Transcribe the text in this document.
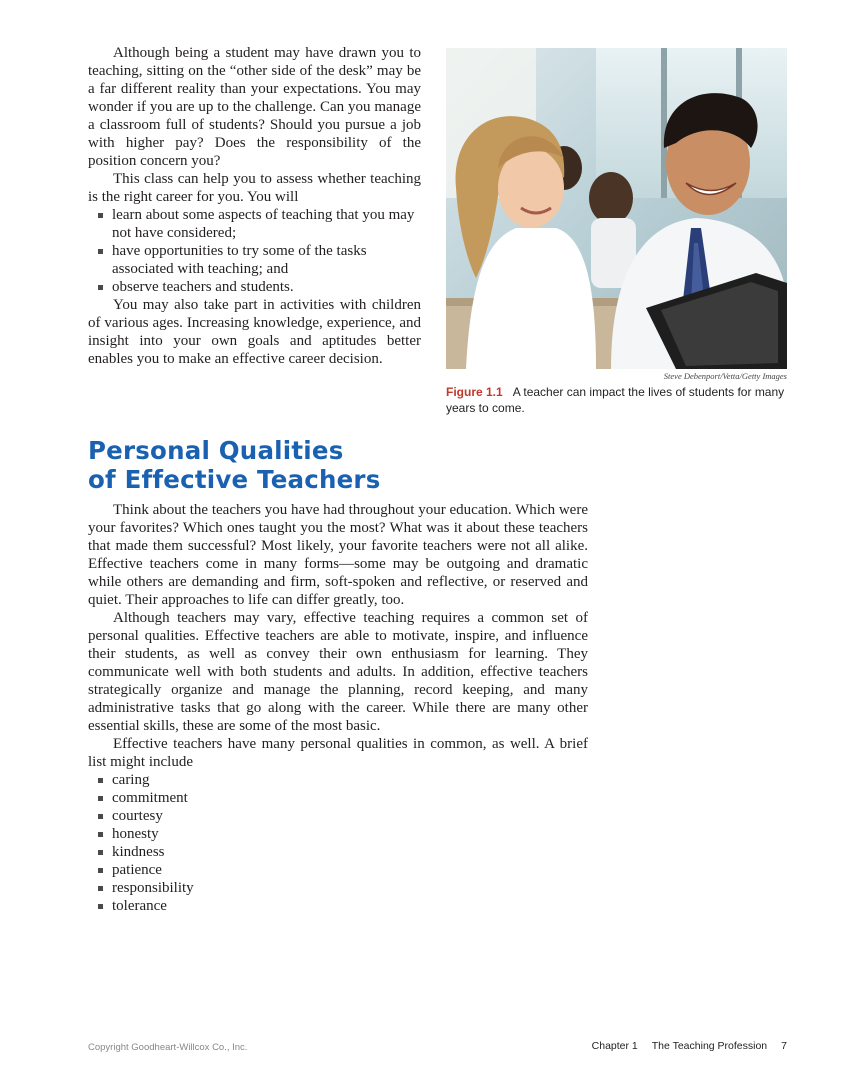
Although being a student may have drawn you to teaching, sitting on the “other side of the desk” may be a far different reality than your expectations. You may wonder if you are up to the challenge. Can you manage a classroom full of students? Should you pursue a job with higher pay? Does the responsibility of the position concern you?

This class can help you to assess whether teaching is the right career for you. You will

learn about some aspects of teaching that you may not have considered;
have opportunities to try some of the tasks associated with teaching; and
observe teachers and students.

You may also take part in activities with children of various ages. Increasing knowledge, experience, and insight into your own goals and aptitudes better enables you to make an effective career decision.

Steve Debenport/Vetta/Getty Images
Figure 1.1 A teacher can impact the lives of students for many years to come.
Personal Qualities
of Effective Teachers

Think about the teachers you have had throughout your education. Which were your favorites? Which ones taught you the most? What was it about these teachers that made them successful? Most likely, your favorite teachers were not all alike. Effective teachers come in many forms—some may be outgoing and dramatic while others are demanding and firm, soft-spoken and reflective, or reserved and quiet. Their approaches to life can differ greatly, too.

Although teachers may vary, effective teaching requires a common set of personal qualities. Effective teachers are able to motivate, inspire, and influence their students, as well as convey their own enthusiasm for learning. They communicate well with both students and adults. In addition, effective teachers strategically organize and manage the planning, record keeping, and many administrative tasks that go along with the career. While there are many other essential skills, these are some of the most basic.

Effective teachers have many personal qualities in common, as well. A brief list might include

caring
commitment
courtesy
honesty
kindness
patience
responsibility
tolerance
Copyright Goodheart-Willcox Co., Inc.	Chapter 1 The Teaching Profession 7
